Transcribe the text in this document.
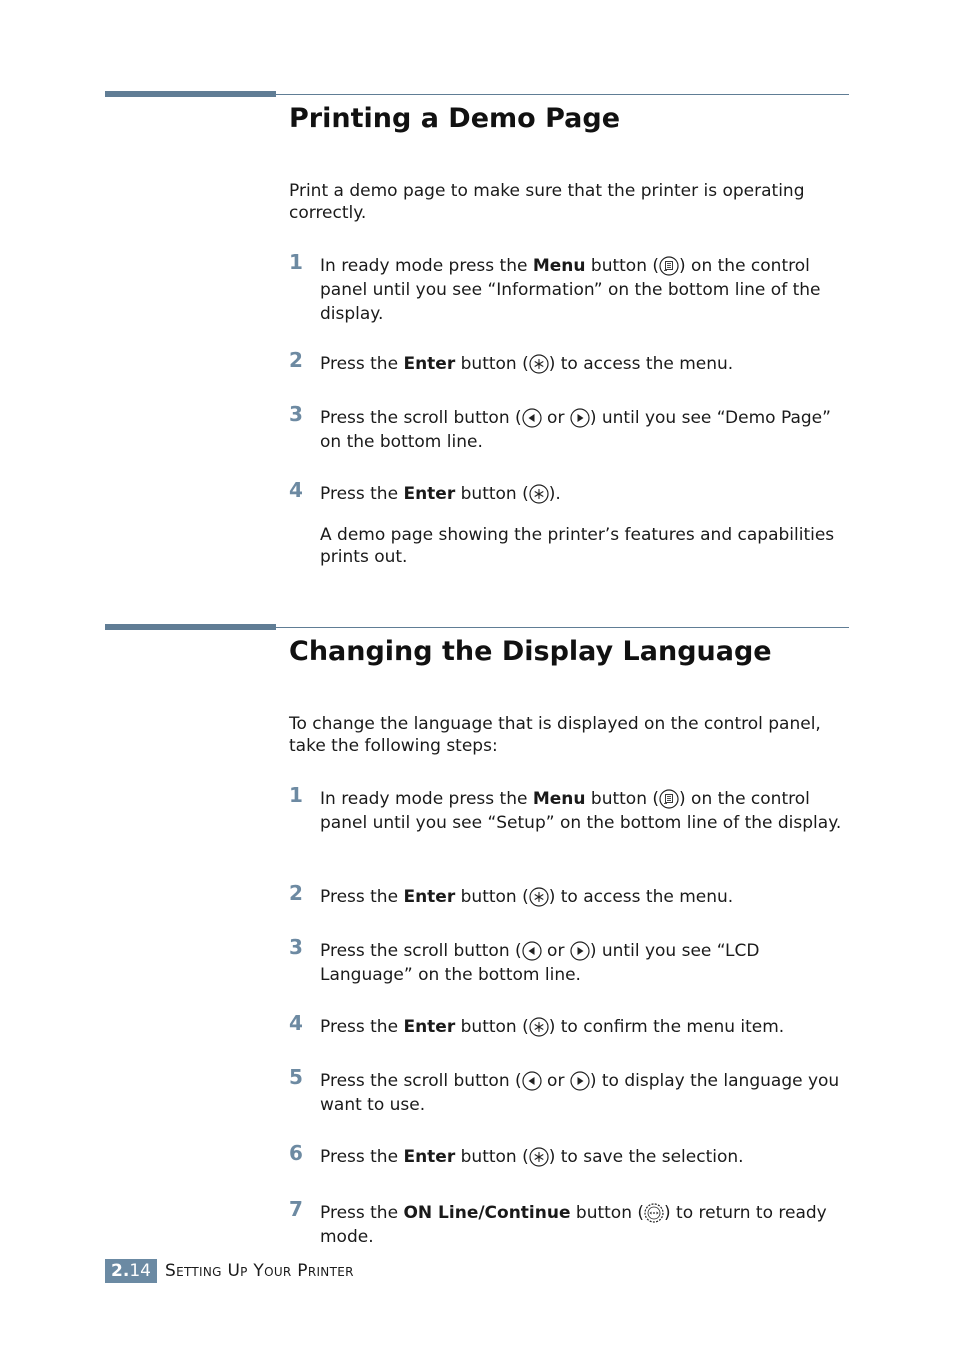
Printing a Demo Page
Print a demo page to make sure that the printer is operating correctly.
1 In ready mode press the Menu button ( ) on the control panel until you see “Information” on the bottom line of the display.
2 Press the Enter button ( ) to access the menu.
3 Press the scroll button ( or ) until you see “Demo Page” on the bottom line.
4 Press the Enter button ( ).
A demo page showing the printer’s features and capabilities prints out.
Changing the Display Language
To change the language that is displayed on the control panel, take the following steps:
1 In ready mode press the Menu button ( ) on the control panel until you see “Setup” on the bottom line of the display.
2 Press the Enter button ( ) to access the menu.
3 Press the scroll button ( or ) until you see “LCD Language” on the bottom line.
4 Press the Enter button ( ) to confirm the menu item.
5 Press the scroll button ( or ) to display the language you want to use.
6 Press the Enter button ( ) to save the selection.
7 Press the ON Line/Continue button ( ) to return to ready mode.
2.14 Setting Up Your Printer
